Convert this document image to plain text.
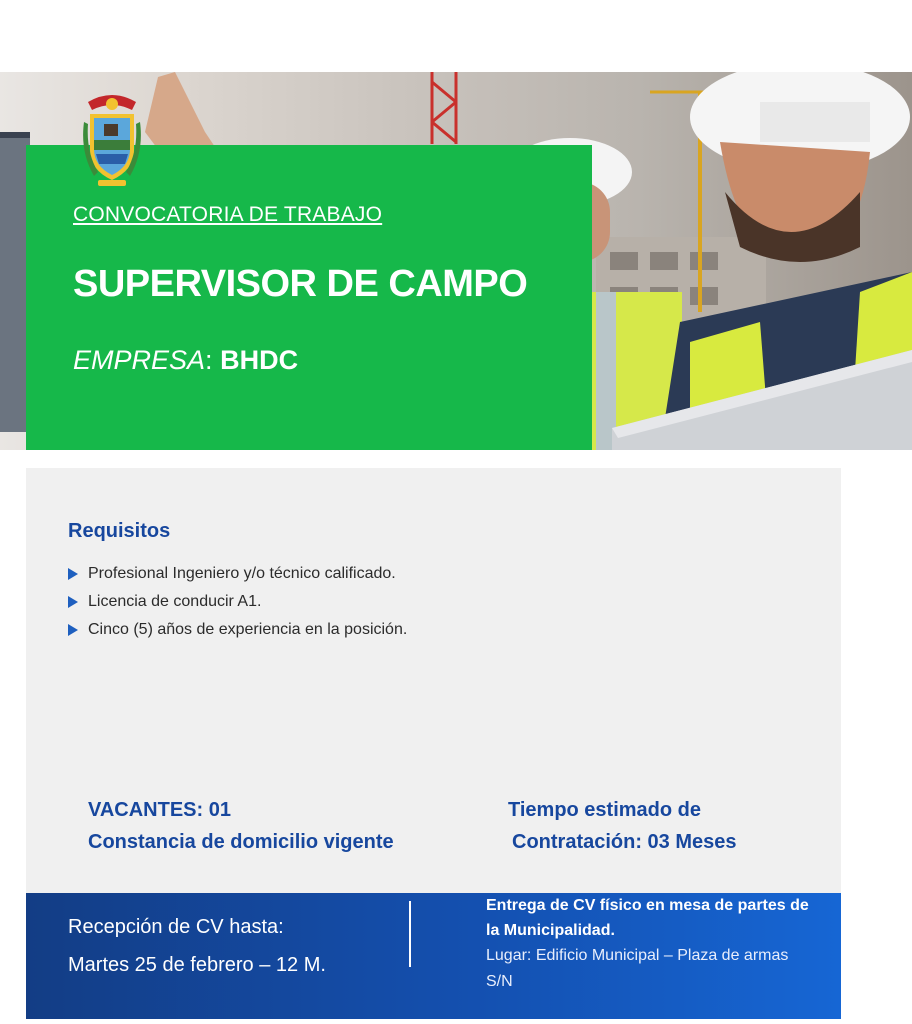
CONVOCATORIA DE TRABAJO
SUPERVISOR DE CAMPO
EMPRESA: BHDC
Requisitos
Profesional Ingeniero y/o técnico calificado.
Licencia de conducir A1.
Cinco (5) años de experiencia en la posición.
VACANTES: 01
Constancia de domicilio vigente
Tiempo estimado de
Contratación: 03 Meses
Recepción de CV hasta:
Martes 25 de febrero – 12 M.
Entrega de CV físico en mesa de partes de la Municipalidad.
Lugar: Edificio Municipal – Plaza de armas S/N
